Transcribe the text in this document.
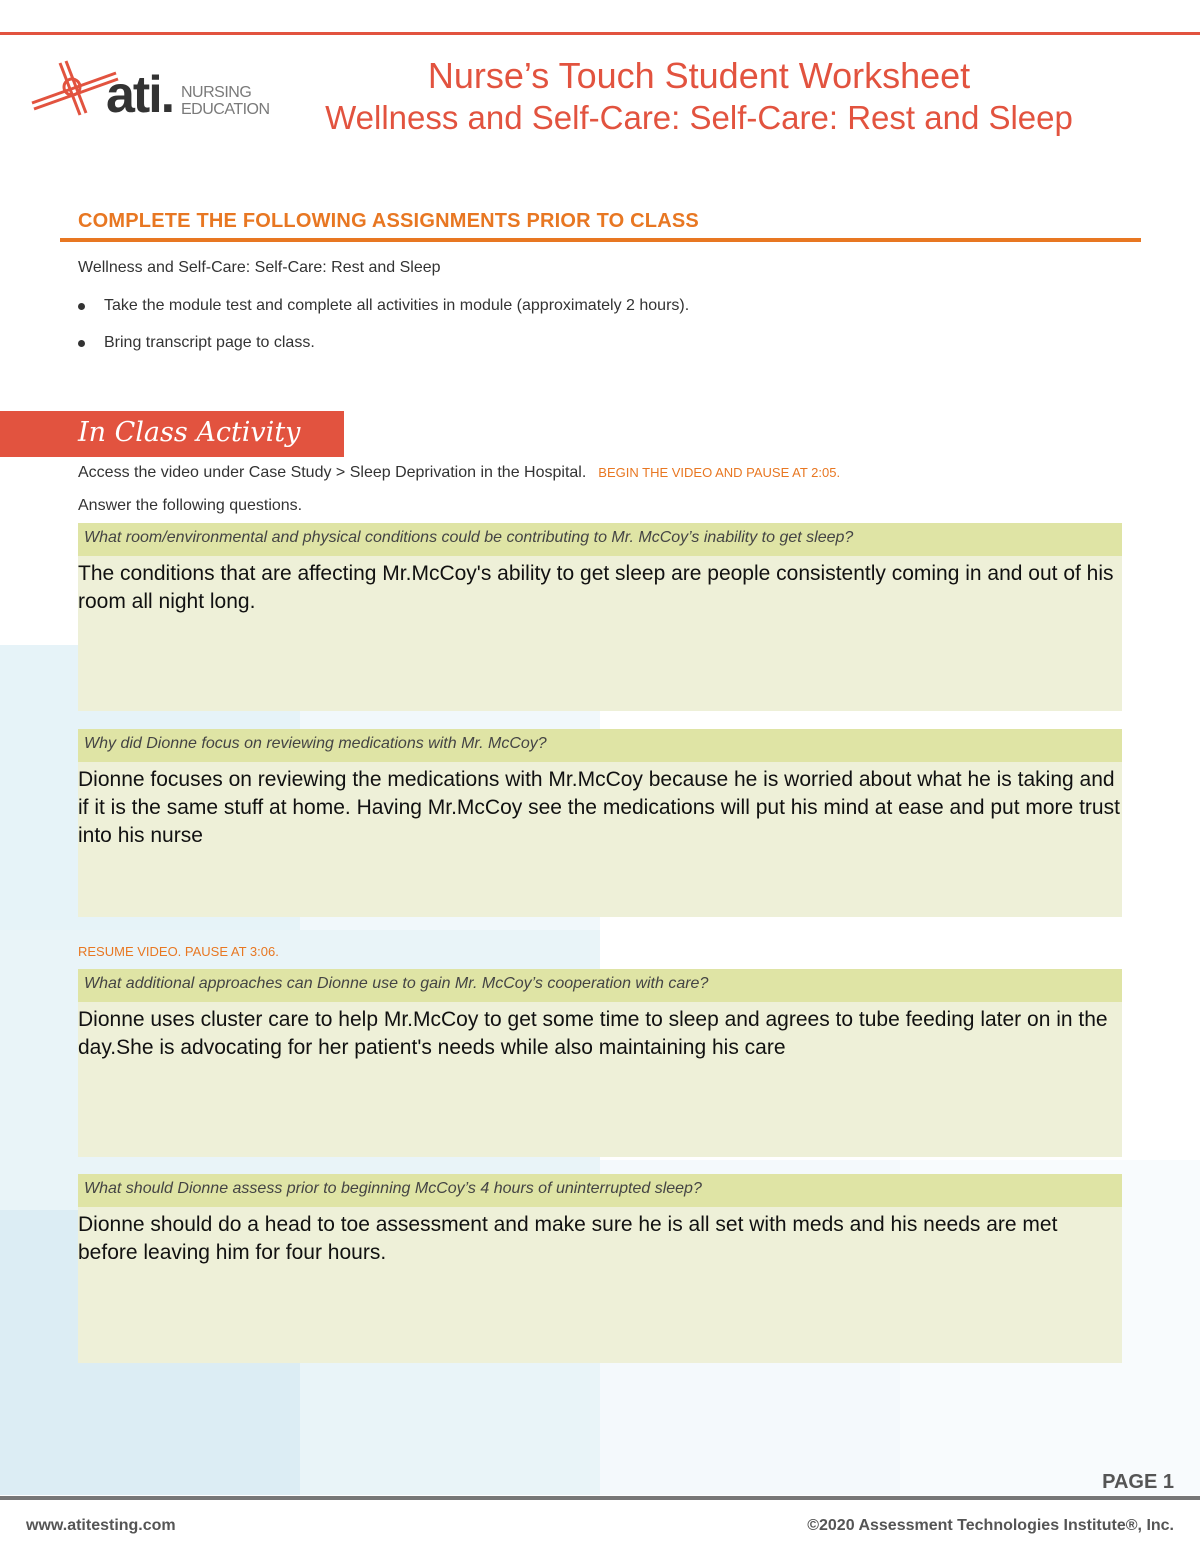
ati. NURSING
EDUCATION
Nurse’s Touch Student Worksheet
Wellness and Self-Care: Self-Care: Rest and Sleep
COMPLETE THE FOLLOWING ASSIGNMENTS PRIOR TO CLASS
Wellness and Self-Care: Self-Care: Rest and Sleep
Take the module test and complete all activities in module (approximately 2 hours).
Bring transcript page to class.
In Class Activity
Access the video under Case Study > Sleep Deprivation in the Hospital. BEGIN THE VIDEO AND PAUSE AT 2:05.
Answer the following questions.
What room/environmental and physical conditions could be contributing to Mr. McCoy’s inability to get sleep?
The conditions that are affecting Mr.McCoy's ability to get sleep are people consistently coming in and out of his room all night long.
Why did Dionne focus on reviewing medications with Mr. McCoy?
Dionne focuses on reviewing the medications with Mr.McCoy because he is worried about what he is taking and if it is the same stuff at home. Having Mr.McCoy see the medications will put his mind at ease and put more trust into his nurse
RESUME VIDEO. PAUSE AT 3:06.
What additional approaches can Dionne use to gain Mr. McCoy’s cooperation with care?
Dionne uses cluster care to help Mr.McCoy to get some time to sleep and agrees to tube feeding later on in the day.She is advocating for her patient's needs while also maintaining his care
What should Dionne assess prior to beginning McCoy’s 4 hours of uninterrupted sleep?
Dionne should do a head to toe assessment and make sure he is all set with meds and his needs are met before leaving him for four hours.
PAGE 1
www.atitesting.com	©2020 Assessment Technologies Institute®, Inc.
